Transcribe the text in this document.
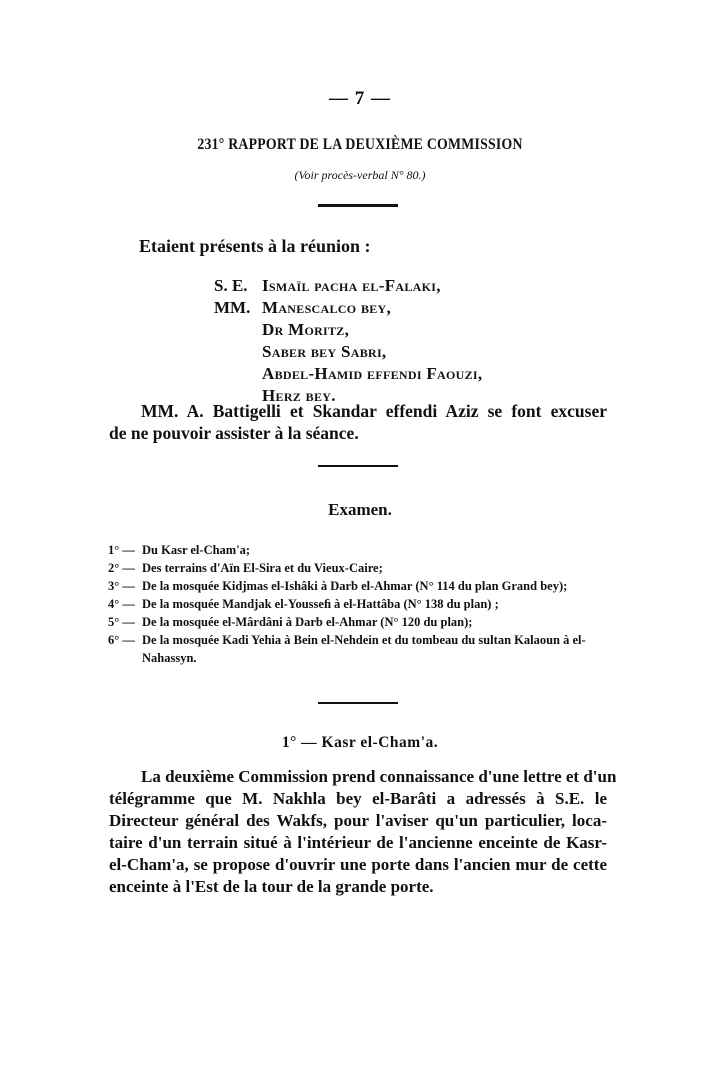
— 7 —
231° RAPPORT DE LA DEUXIÈME COMMISSION
(Voir procès-verbal N° 80.)
Etaient présents à la réunion :
S. E. Ismaïl pacha el-Falaki,
MM. Manescalco bey,
Dr Moritz,
Saber bey Sabri,
Abdel-Hamid effendi Faouzi,
Herz bey.
MM. A. Battigelli et Skandar effendi Aziz se font excuser
de ne pouvoir assister à la séance.
Examen.
1° — Du Kasr el-Cham'a;
2° — Des terrains d'Aïn El-Sira et du Vieux-Caire;
3° — De la mosquée Kidjmas el-Ishâki à Darb el-Ahmar (N° 114 du plan Grand bey);
4° — De la mosquée Mandjak el-Yousseﬁ à el-Hattâba (N° 138 du plan) ;
5° — De la mosquée el-Mârdâni à Darb el-Ahmar (N° 120 du plan);
6° — De la mosquée Kadi Yehia à Bein el-Nehdein et du tombeau du sultan Kalaoun à el-Nahassyn.
1° — Kasr el-Cham'a.
La deuxième Commission prend connaissance d'une lettre et d'un
télégramme que M. Nakhla bey el-Barâti a adressés à S.E. le
Directeur général des Wakfs, pour l'aviser qu'un particulier, loca-
taire d'un terrain situé à l'intérieur de l'ancienne enceinte de Kasr-
el-Cham'a, se propose d'ouvrir une porte dans l'ancien mur de cette
enceinte à l'Est de la tour de la grande porte.
